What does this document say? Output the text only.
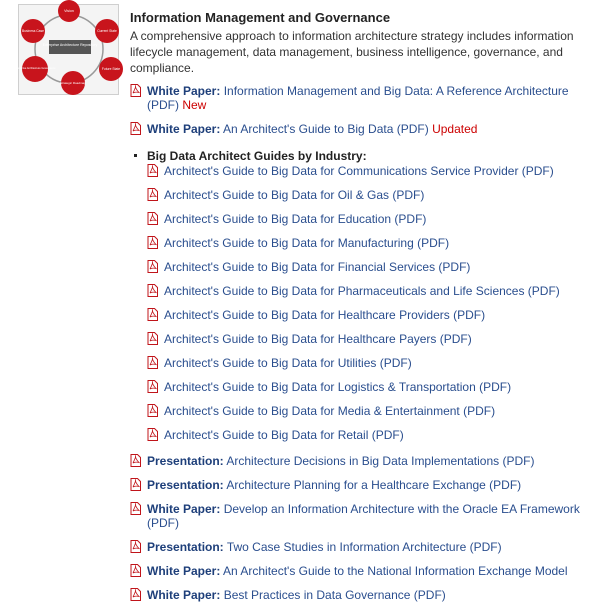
Enterprise Architecture Repository
Vision
Business Case	Current State
Enterprise Architecture Governance
Strategic Roadmap
Future State
Information Management and Governance

A comprehensive approach to information architecture strategy includes information lifecycle management, data management, business intelligence, governance, and compliance.

White Paper: Information Management and Big Data: A Reference Architecture (PDF) New
White Paper: An Architect's Guide to Big Data (PDF) Updated
Big Data Architect Guides by Industry:
Architect's Guide to Big Data for Communications Service Provider (PDF)
Architect's Guide to Big Data for Oil & Gas (PDF)
Architect's Guide to Big Data for Education (PDF)
Architect's Guide to Big Data for Manufacturing (PDF)
Architect's Guide to Big Data for Financial Services (PDF)
Architect's Guide to Big Data for Pharmaceuticals and Life Sciences (PDF)
Architect's Guide to Big Data for Healthcare Providers (PDF)
Architect's Guide to Big Data for Healthcare Payers (PDF)
Architect's Guide to Big Data for Utilities (PDF)
Architect's Guide to Big Data for Logistics & Transportation (PDF)
Architect's Guide to Big Data for Media & Entertainment (PDF)
Architect's Guide to Big Data for Retail (PDF)
Presentation: Architecture Decisions in Big Data Implementations (PDF)
Presentation: Architecture Planning for a Healthcare Exchange (PDF)
White Paper: Develop an Information Architecture with the Oracle EA Framework (PDF)
Presentation: Two Case Studies in Information Architecture (PDF)
White Paper: An Architect's Guide to the National Information Exchange Model
White Paper: Best Practices in Data Governance (PDF)
